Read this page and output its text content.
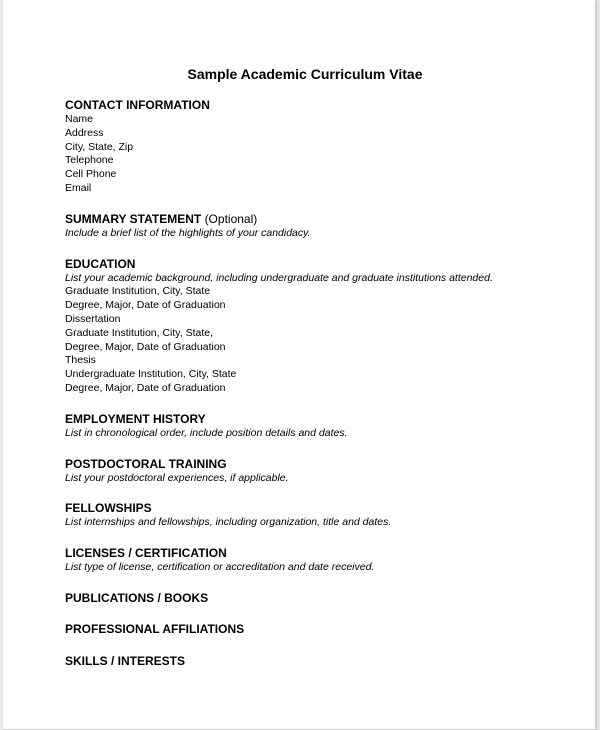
Sample Academic Curriculum Vitae
CONTACT INFORMATION
Name
Address
City, State, Zip
Telephone
Cell Phone
Email
SUMMARY STATEMENT (Optional)
Include a brief list of the highlights of your candidacy.
EDUCATION
List your academic background, including undergraduate and graduate institutions attended.
Graduate Institution, City, State
Degree, Major, Date of Graduation
Dissertation
Graduate Institution, City, State,
Degree, Major, Date of Graduation
Thesis
Undergraduate Institution, City, State
Degree, Major, Date of Graduation
EMPLOYMENT HISTORY
List in chronological order, include position details and dates.
POSTDOCTORAL TRAINING
List your postdoctoral experiences, if applicable.
FELLOWSHIPS
List internships and fellowships, including organization, title and dates.
LICENSES / CERTIFICATION
List type of license, certification or accreditation and date received.
PUBLICATIONS / BOOKS
PROFESSIONAL AFFILIATIONS
SKILLS / INTERESTS
